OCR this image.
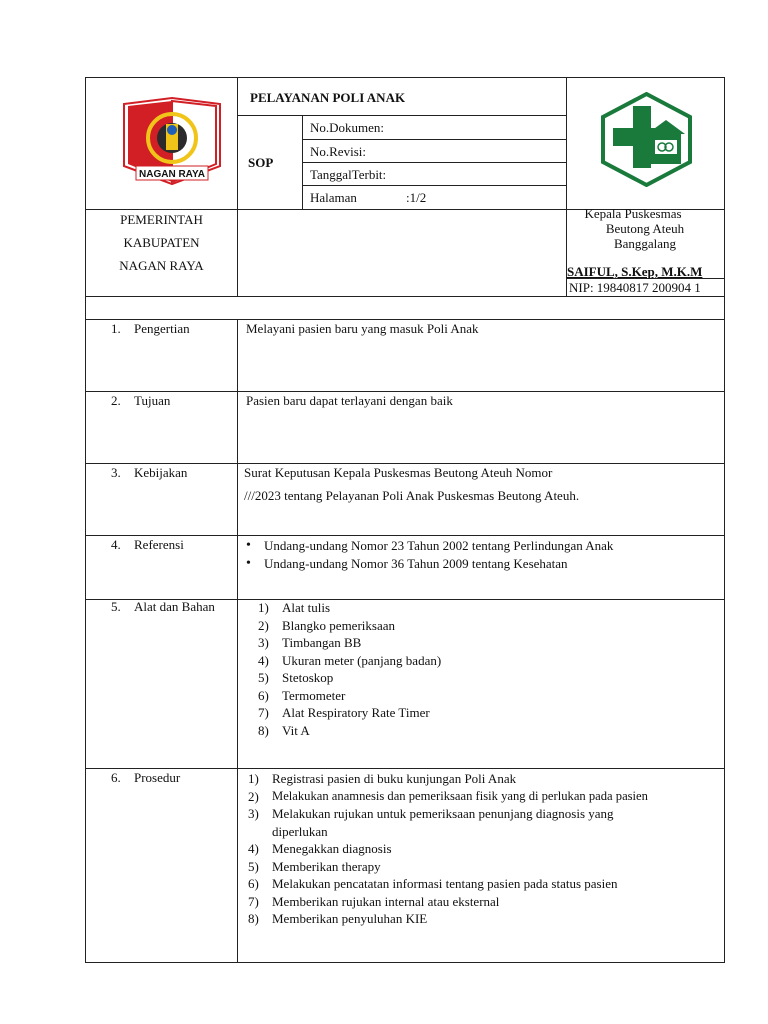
NAGAN RAYA
PELAYANAN POLI ANAK
SOP
No.Dokumen:
No.Revisi:
TanggalTerbit:
Halaman	:1/2
PEMERINTAH
KABUPATEN
NAGAN RAYA
Kepala Puskesmas
Beutong Ateuh
Banggalang
SAIFUL, S.Kep, M.K.M
NIP: 19840817 200904 1
1. Pengertian	Melayani pasien baru yang masuk Poli Anak
2. Tujuan	Pasien baru dapat terlayani dengan baik
3. Kebijakan	Surat Keputusan Kepala Puskesmas Beutong Ateuh Nomor
///2023 tentang Pelayanan Poli Anak Puskesmas Beutong Ateuh.
4. Referensi
•	Undang-undang Nomor 23 Tahun 2002 tentang Perlindungan Anak
• Undang-undang Nomor 36 Tahun 2009 tentang Kesehatan
5. Alat dan Bahan	1) Alat tulis
2) Blangko pemeriksaan
3) Timbangan BB
4) Ukuran meter (panjang badan)
5) Stetoskop
6) Termometer
7) Alat Respiratory Rate Timer
8) Vit A
6. Prosedur	1) Registrasi pasien di buku kunjungan Poli Anak
2) Melakukan anamnesis dan pemeriksaan fisik yang di perlukan pada pasien
3) Melakukan rujukan untuk pemeriksaan penunjang diagnosis yang
diperlukan
4) Menegakkan diagnosis
5) Memberikan therapy
6) Melakukan pencatatan informasi tentang pasien pada status pasien
7) Memberikan rujukan internal atau eksternal
8) Memberikan penyuluhan KIE
